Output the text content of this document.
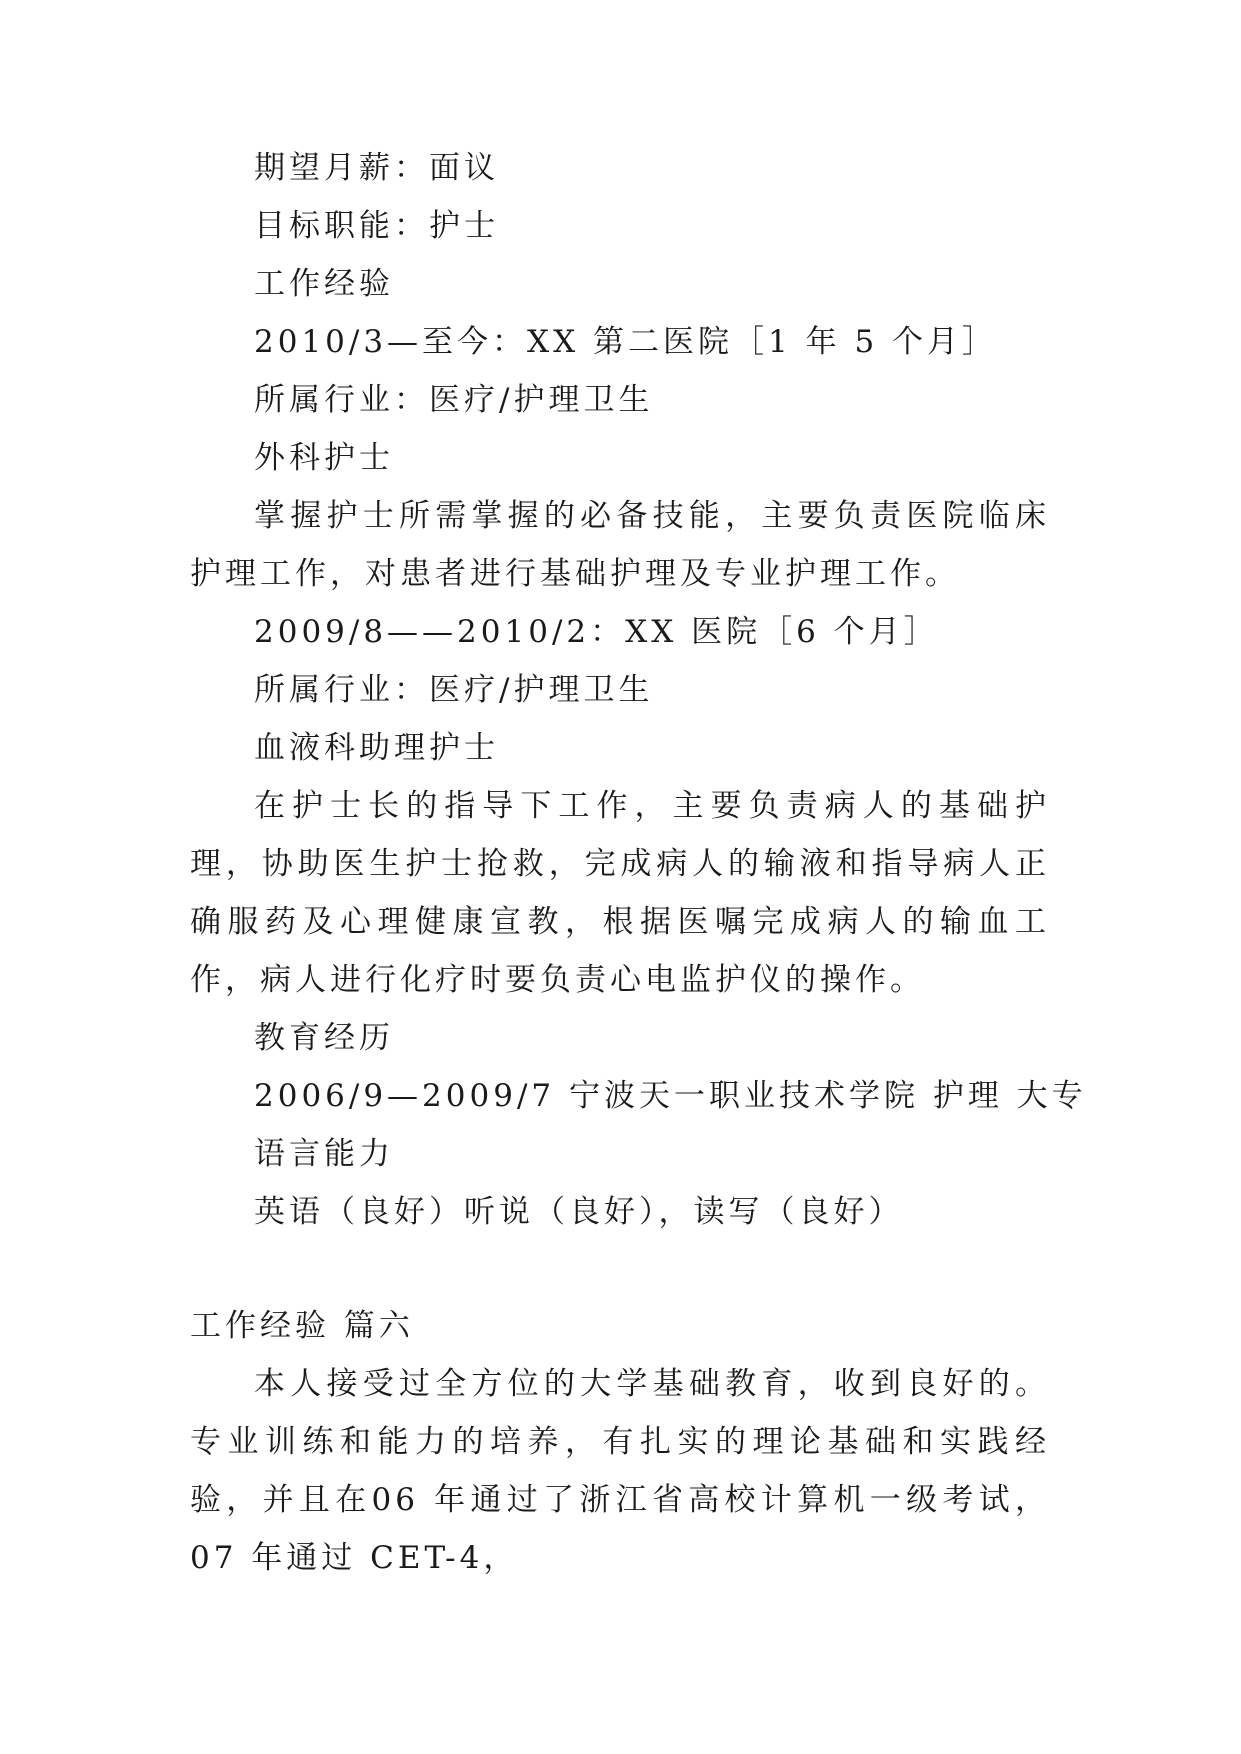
期望月薪：面议
目标职能：护士
工作经验
2010/3—至今：XX 第二医院［1 年 5 个月］
所属行业：医疗/护理卫生
外科护士
掌握护士所需掌握的必备技能，主要负责医院临床护理工作，对患者进行基础护理及专业护理工作。
2009/8——2010/2：XX 医院［6 个月］
所属行业：医疗/护理卫生
血液科助理护士
在护士长的指导下工作，主要负责病人的基础护理，协助医生护士抢救，完成病人的输液和指导病人正确服药及心理健康宣教，根据医嘱完成病人的输血工作，病人进行化疗时要负责心电监护仪的操作。
教育经历
2006/9—2009/7 宁波天一职业技术学院 护理 大专
语言能力
英语（良好）听说（良好），读写（良好）
工作经验 篇六
本人接受过全方位的大学基础教育，收到良好的。专业训练和能力的培养，有扎实的理论基础和实践经验，并且在06 年通过了浙江省高校计算机一级考试，07 年通过 CET-4，
